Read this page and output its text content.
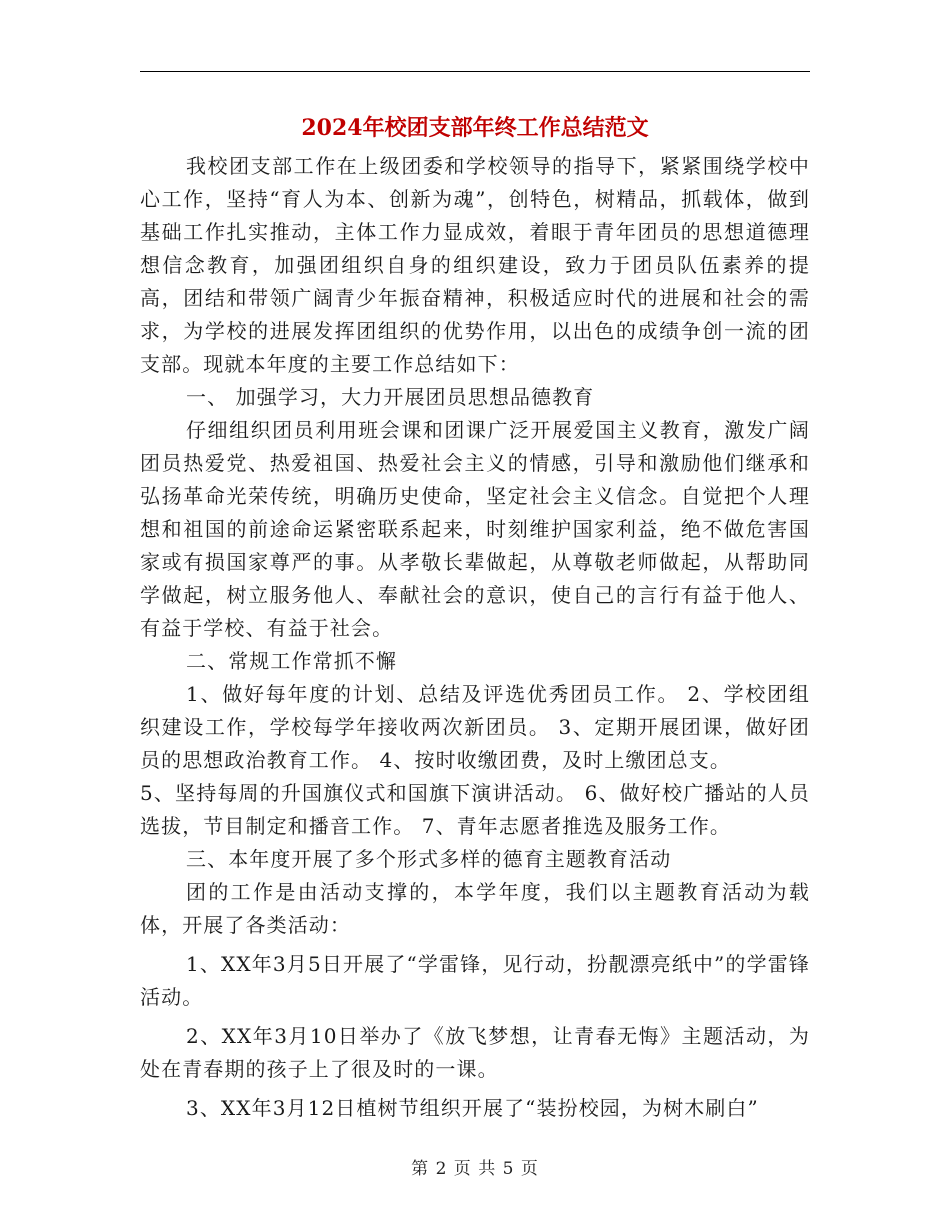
2024年校团支部年终工作总结范文

我校团支部工作在上级团委和学校领导的指导下，紧紧围绕学校中心工作，坚持“育人为本、创新为魂”，创特色，树精品，抓载体，做到基础工作扎实推动，主体工作力显成效，着眼于青年团员的思想道德理想信念教育，加强团组织自身的组织建设，致力于团员队伍素养的提高，团结和带领广阔青少年振奋精神，积极适应时代的进展和社会的需求，为学校的进展发挥团组织的优势作用，以出色的成绩争创一流的团支部。现就本年度的主要工作总结如下：

一、 加强学习，大力开展团员思想品德教育

仔细组织团员利用班会课和团课广泛开展爱国主义教育，激发广阔团员热爱党、热爱祖国、热爱社会主义的情感，引导和激励他们继承和弘扬革命光荣传统，明确历史使命，坚定社会主义信念。自觉把个人理想和祖国的前途命运紧密联系起来，时刻维护国家利益，绝不做危害国家或有损国家尊严的事。从孝敬长辈做起，从尊敬老师做起，从帮助同学做起，树立服务他人、奉献社会的意识，使自己的言行有益于他人、有益于学校、有益于社会。

二、常规工作常抓不懈

1、做好每年度的计划、总结及评选优秀团员工作。 2、学校团组织建设工作，学校每学年接收两次新团员。 3、定期开展团课，做好团员的思想政治教育工作。 4、按时收缴团费，及时上缴团总支。

5、坚持每周的升国旗仪式和国旗下演讲活动。 6、做好校广播站的人员选拔，节目制定和播音工作。 7、青年志愿者推选及服务工作。

三、本年度开展了多个形式多样的德育主题教育活动

团的工作是由活动支撑的，本学年度，我们以主题教育活动为载体，开展了各类活动：

1、XX年3月5日开展了“学雷锋，见行动，扮靓漂亮纸中”的学雷锋活动。

2、XX年3月10日举办了《放飞梦想，让青春无悔》主题活动，为处在青春期的孩子上了很及时的一课。

3、XX年3月12日植树节组织开展了“装扮校园，为树木刷白”

第 2 页 共 5 页
